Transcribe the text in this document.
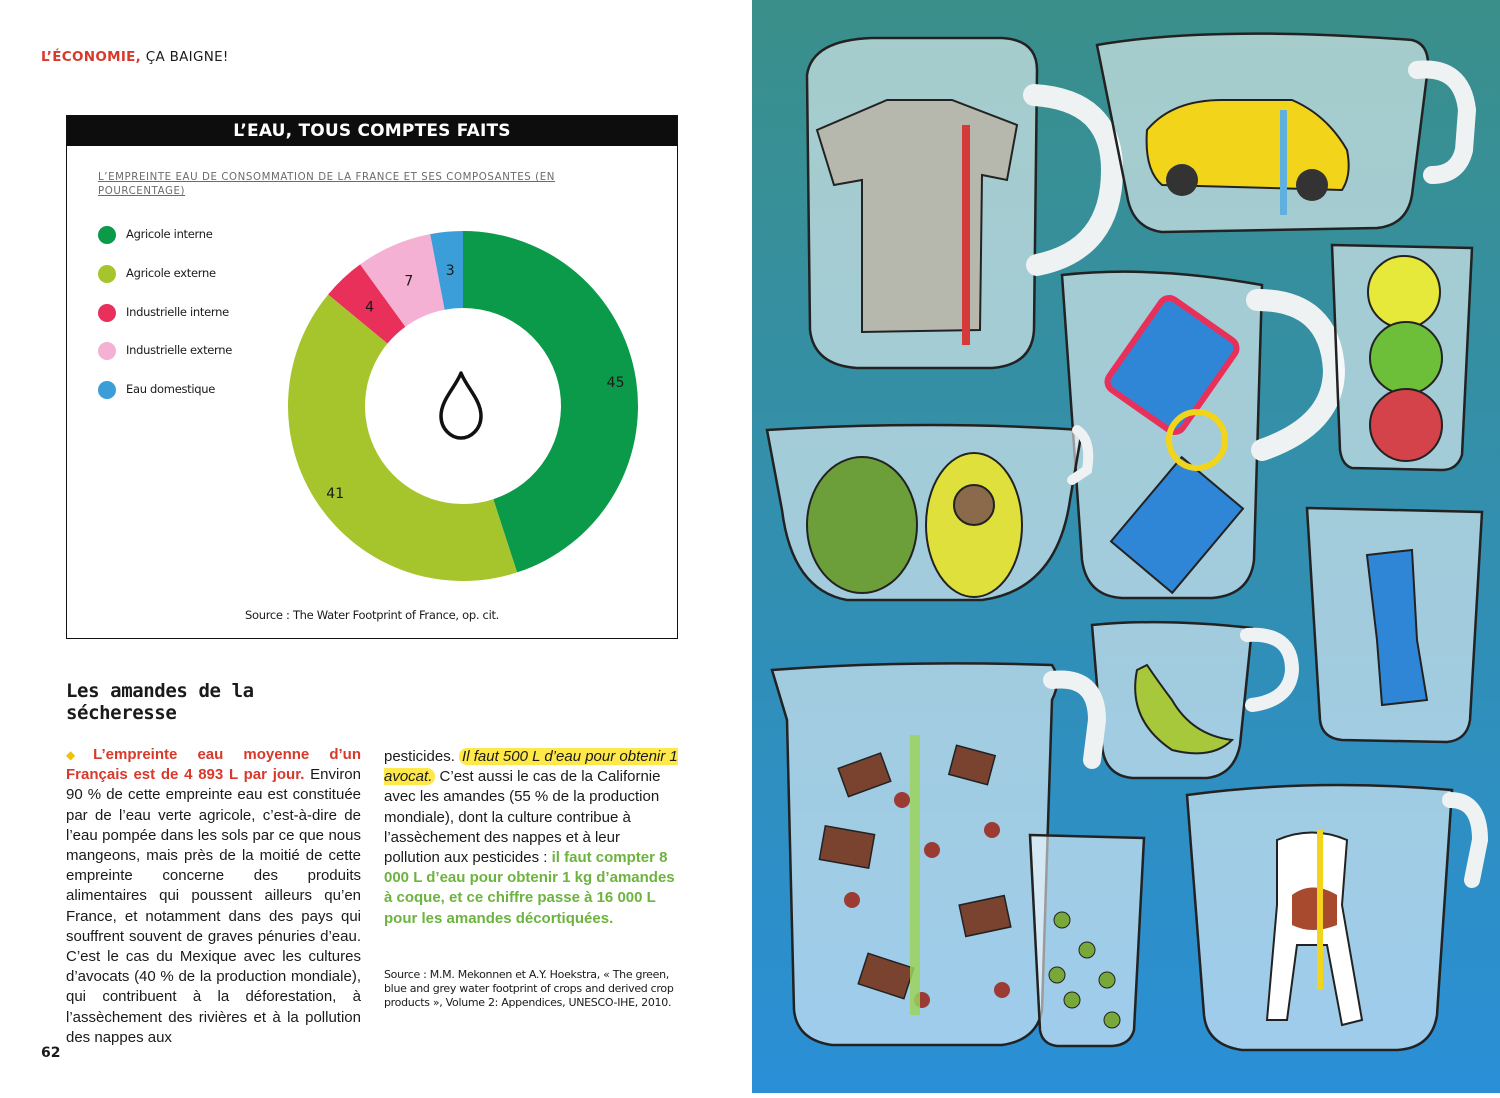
L’ÉCONOMIE, ÇA BAIGNE!
L’EAU, TOUS COMPTES FAITS
L’EMPREINTE EAU DE CONSOMMATION DE LA FRANCE ET SES COMPOSANTES (EN POURCENTAGE)
Agricole interne
Agricole externe
Industrielle interne
Industrielle externe
Eau domestique	45
41
4
7
3
Source : The Water Footprint of France, op. cit.
Les amandes de la sécheresse
◆ L’empreinte eau moyenne d’un Français est de 4 893 L par jour. Environ 90 % de cette empreinte eau est constituée par de l’eau verte agricole, c’est-à-dire de l’eau pompée dans les sols par ce que nous mangeons, mais près de la moitié de cette empreinte concerne des produits alimentaires qui poussent ailleurs qu’en France, et notamment dans des pays qui souffrent souvent de graves pénuries d’eau. C’est le cas du Mexique avec les cultures d’avocats (40 % de la production mondiale), qui contribuent à la déforestation, à l’assèchement des rivières et à la pollution des nappes aux
pesticides. Il faut 500 L d’eau pour obtenir 1 avocat. C’est aussi le cas de la Californie avec les amandes (55 % de la production mondiale), dont la culture contribue à l’assèchement des nappes et à leur pollution aux pesticides : il faut compter 8 000 L d’eau pour obtenir 1 kg d’amandes à coque, et ce chiffre passe à 16 000 L pour les amandes décortiquées.
Source : M.M. Mekonnen et A.Y. Hoekstra, « The green, blue and grey water footprint of crops and derived crop products », Volume 2: Appendices, UNESCO-IHE, 2010.
62
